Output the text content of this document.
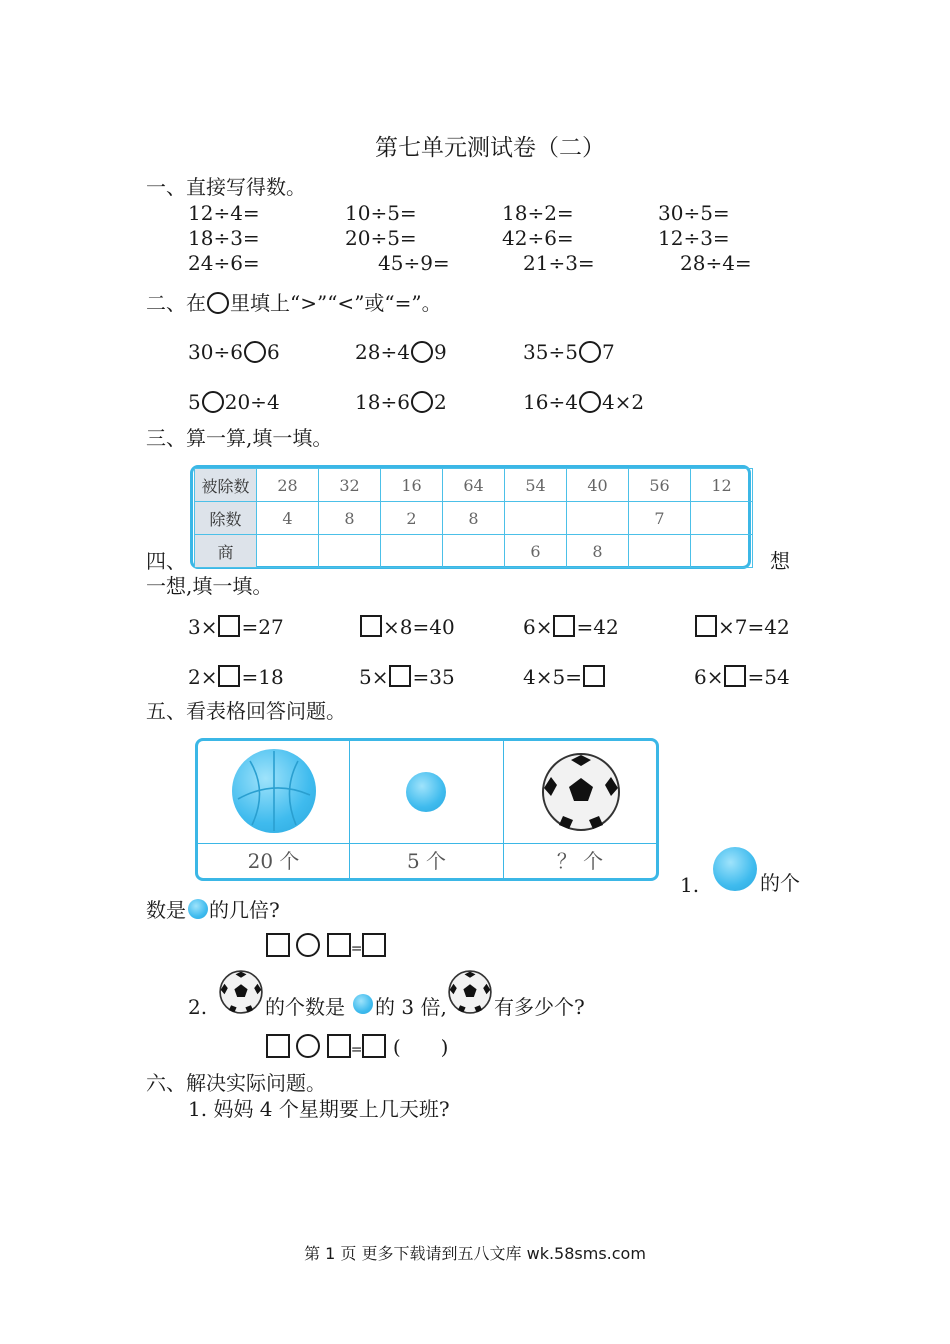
第七单元测试卷（二）
一、直接写得数。
12÷4=	10÷5=	18÷2=	30÷5=
18÷3=	20÷5=	42÷6=	12÷3=
24÷6=	45÷9=	21÷3=	28÷4=
二、在 里填上“>”“<”或“=”。
30÷6 6	28÷4 9	35÷5 7
5 20÷4	18÷6 2	16÷4 4×2
三、算一算,填一填。
被除数	28	32	16	64	54	40	56	12
除数	4	8	2	8			7	
商					6	8		
四、	想
一想,填一填。
3× =27	×8=40	6× =42	×7=42
2× =18	5× =35	4×5=	6× =54
五、看表格回答问题。
20 个	5 个	？ 个
1.	的个
数是 的几倍?
=
2.	的个数是 的 3 倍, 有多少个?
= (　　)
六、解决实际问题。
1. 妈妈 4 个星期要上几天班?
第 1 页 更多下载请到五八文库 wk.58sms.com
